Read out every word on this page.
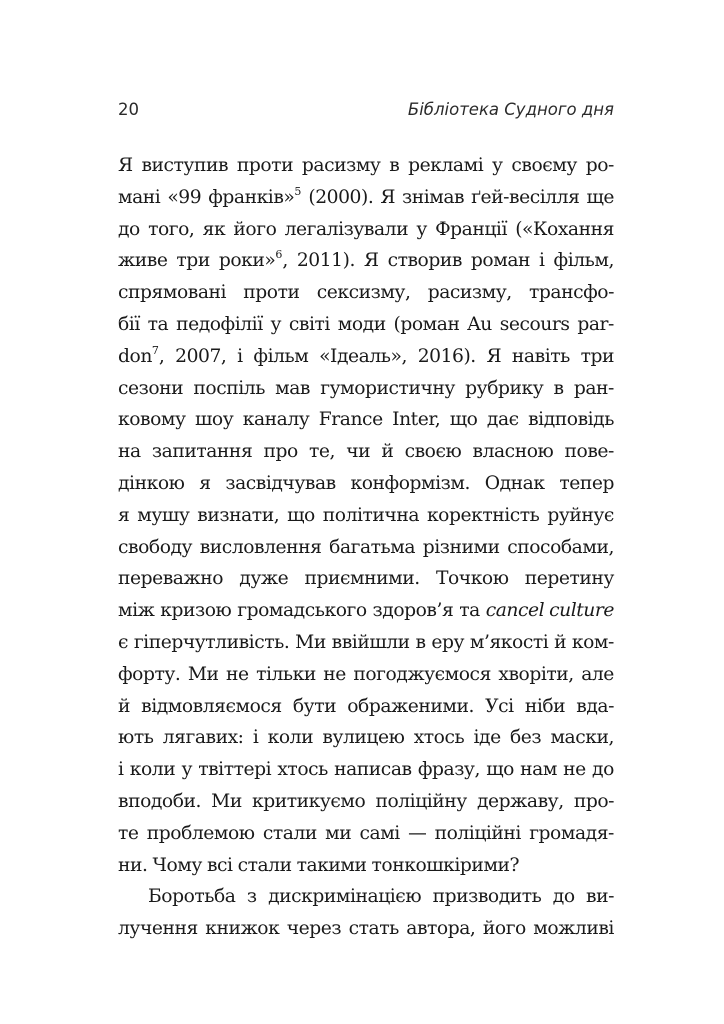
20	Бібліотека Судного дня
Я виступив проти расизму в рекламі у своєму ро-
мані «99 франків»$^5$ (2000). Я знімав ґей-весілля ще
до того, як його легалізували у Франції («Кохання
живе три роки»$^6$, 2011). Я створив роман і фільм,
спрямовані проти сексизму, расизму, трансфо-
бії та педофілії у світі моди (роман Au secours par-
don$^7$, 2007, і фільм «Ідеаль», 2016). Я навіть три
сезони поспіль мав гумористичну рубрику в ран-
ковому шоу каналу France Inter, що дає відповідь
на запитання про те, чи й своєю власною пове-
дінкою я засвідчував конформізм. Однак тепер
я мушу визнати, що політична коректність руйнує
свободу висловлення багатьма різними способами,
переважно дуже приємними. Точкою перетину
між кризою громадського здоров’я та cancel culture
є гіперчутливість. Ми ввійшли в еру м’якості й ком-
форту. Ми не тільки не погоджуємося хворіти, але
й відмовляємося бути ображеними. Усі ніби вда-
ють лягавих: і коли вулицею хтось іде без маски,
і коли у твіттері хтось написав фразу, що нам не до
вподоби. Ми критикуємо поліційну державу, про-
те проблемою стали ми самі — поліційні громадя-
ни. Чому всі стали такими тонкошкірими?
Боротьба з дискримінацією призводить до ви-
лучення книжок через стать автора, його можливі
